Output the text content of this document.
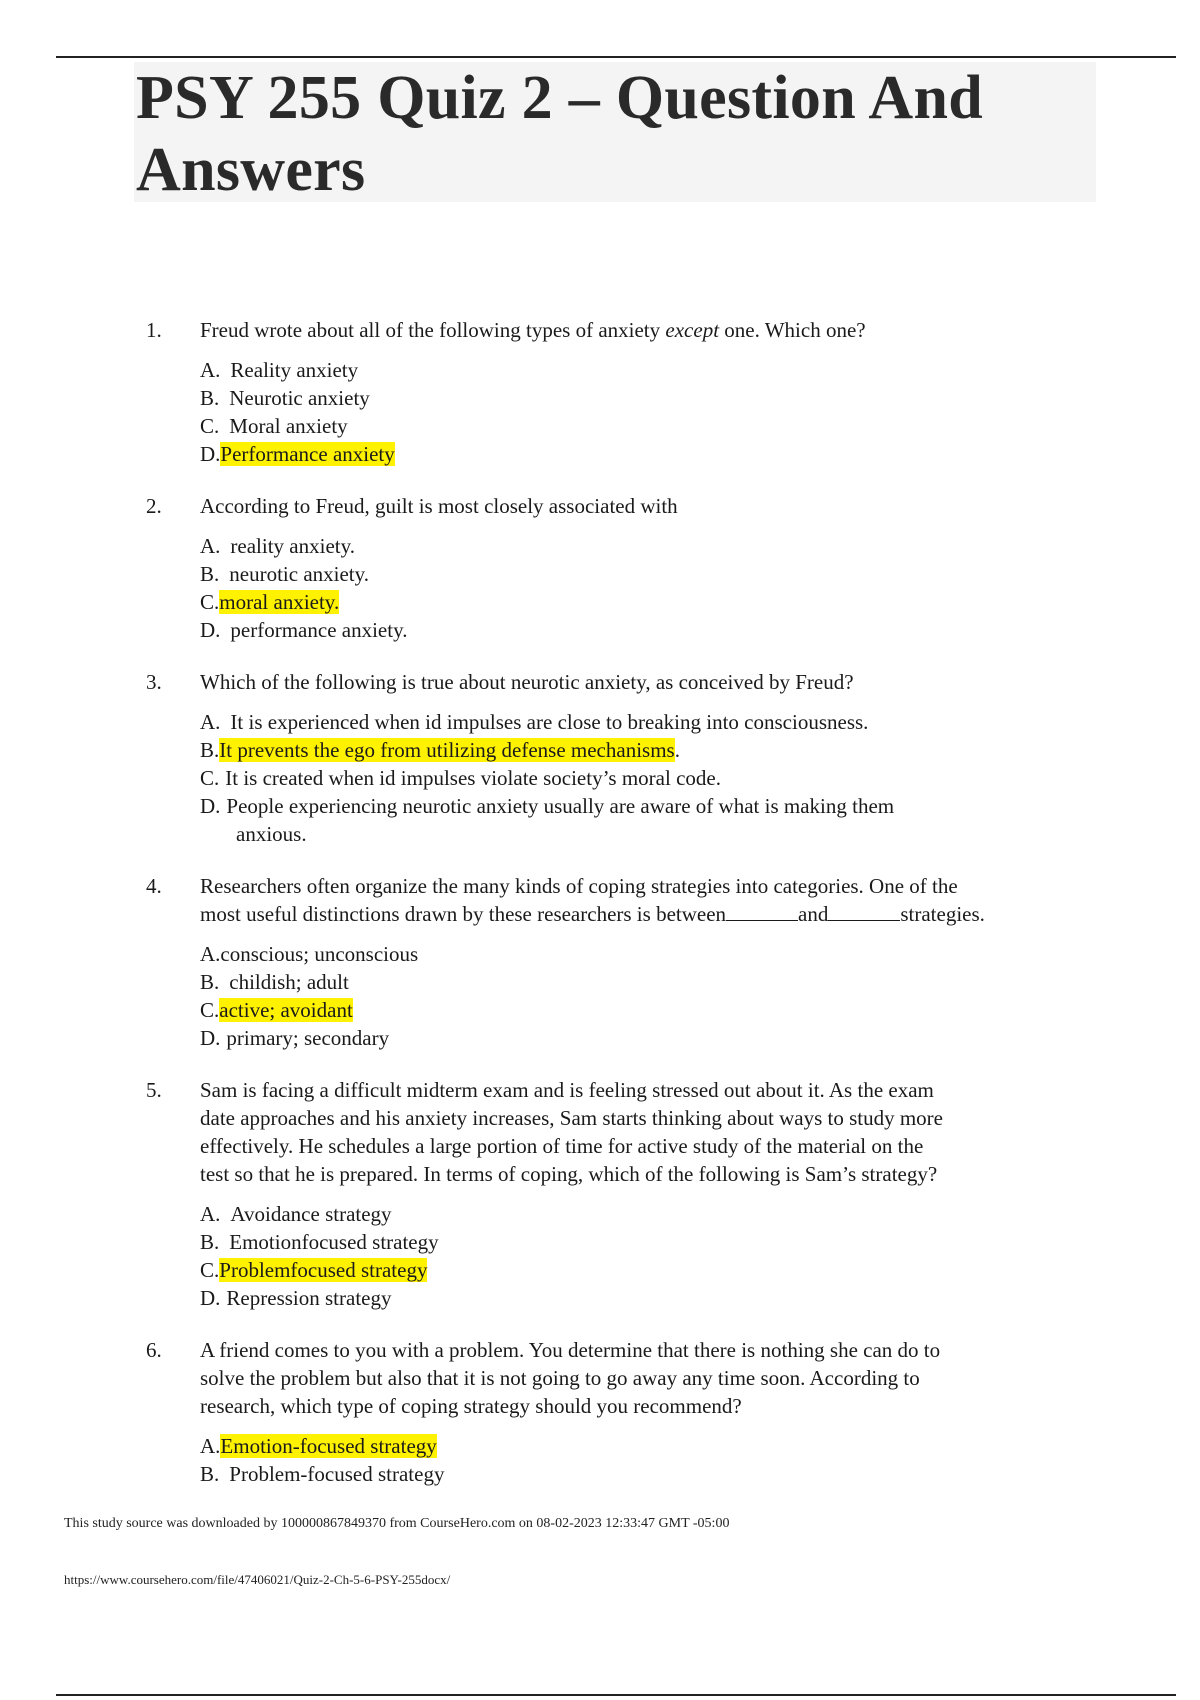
PSY 255 Quiz 2 – Question And Answers
1. Freud wrote about all of the following types of anxiety except one. Which one?
A. Reality anxiety
B. Neurotic anxiety
C. Moral anxiety
D.Performance anxiety
2. According to Freud, guilt is most closely associated with
A. reality anxiety.
B. neurotic anxiety.
C.moral anxiety.
D. performance anxiety.
3. Which of the following is true about neurotic anxiety, as conceived by Freud?
A. It is experienced when id impulses are close to breaking into consciousness.
B.It prevents the ego from utilizing defense mechanisms.
C. It is created when id impulses violate society’s moral code.
D. People experiencing neurotic anxiety usually are aware of what is making them
anxious.
4. Researchers often organize the many kinds of coping strategies into categories. One of the
most useful distinctions drawn by these researchers is between	and	strategies.
A.conscious; unconscious
B. childish; adult
C.active; avoidant
D. primary; secondary
5. Sam is facing a difficult midterm exam and is feeling stressed out about it. As the exam
date approaches and his anxiety increases, Sam starts thinking about ways to study more
effectively. He schedules a large portion of time for active study of the material on the
test so that he is prepared. In terms of coping, which of the following is Sam’s strategy?
A. Avoidance strategy
B. Emotionfocused strategy
C.Problemfocused strategy
D. Repression strategy
6. A friend comes to you with a problem. You determine that there is nothing she can do to
solve the problem but also that it is not going to go away any time soon. According to
research, which type of coping strategy should you recommend?
A.Emotion-focused strategy
B. Problem-focused strategy
This study source was downloaded by 100000867849370 from CourseHero.com on 08-02-2023 12:33:47 GMT -05:00
https://www.coursehero.com/file/47406021/Quiz-2-Ch-5-6-PSY-255docx/
